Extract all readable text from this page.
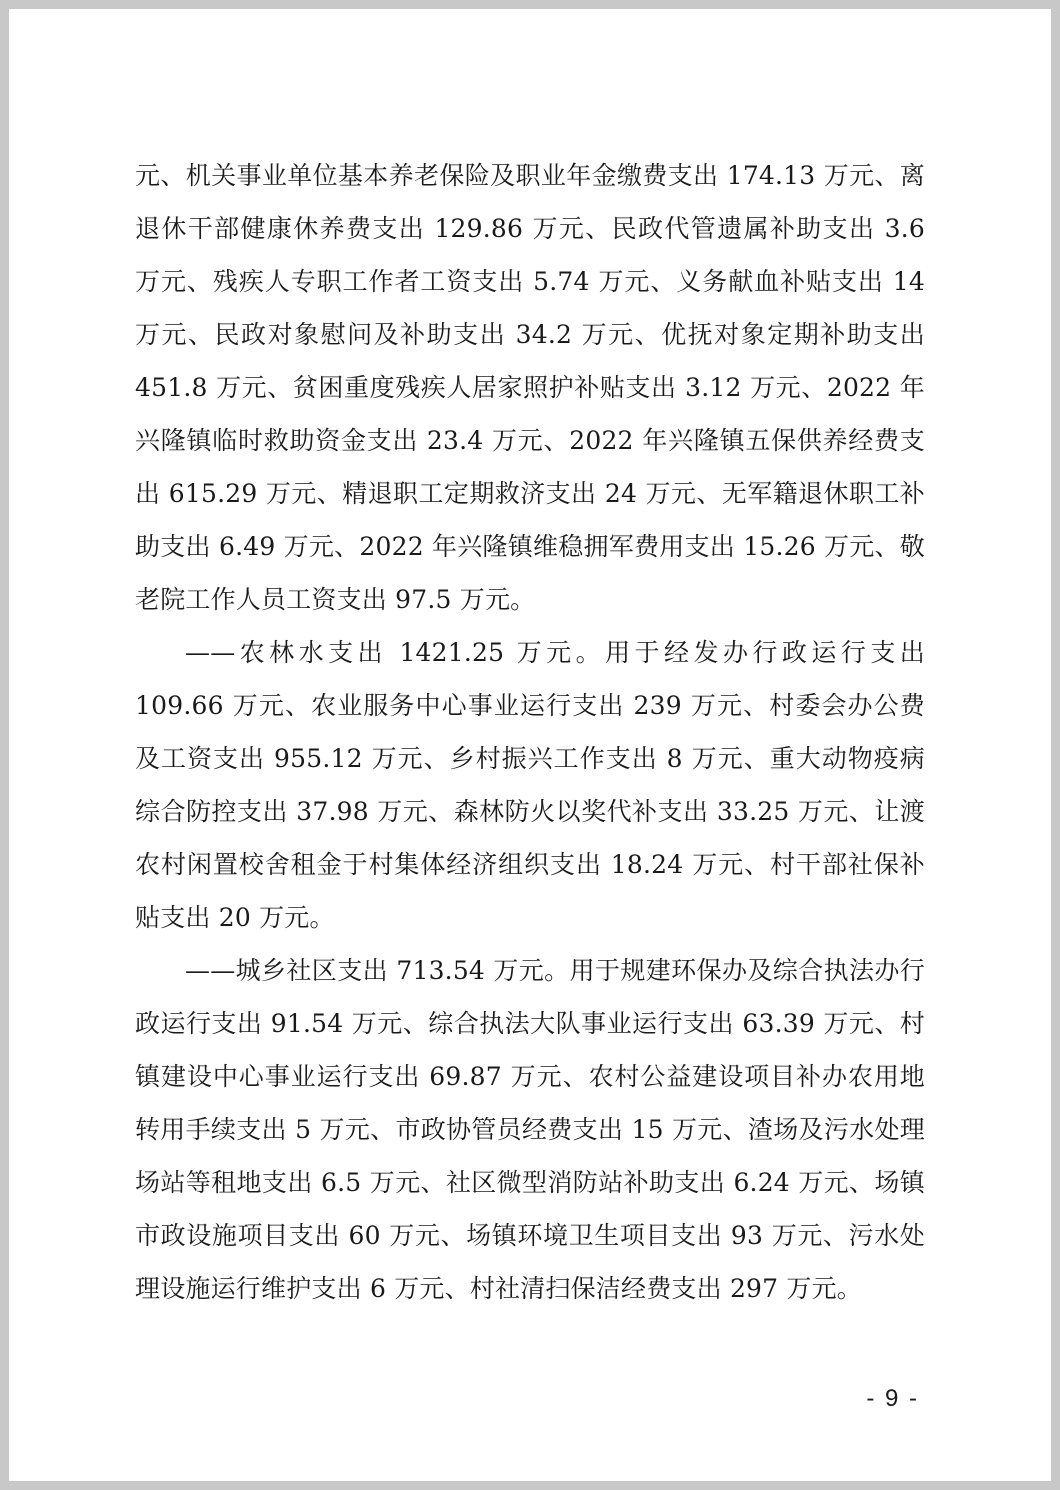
元、机关事业单位基本养老保险及职业年金缴费支出 174.13 万元、离退休干部健康休养费支出 129.86 万元、民政代管遗属补助支出 3.6 万元、残疾人专职工作者工资支出 5.74 万元、义务献血补贴支出 14 万元、民政对象慰问及补助支出 34.2 万元、优抚对象定期补助支出 451.8 万元、贫困重度残疾人居家照护补贴支出 3.12 万元、2022 年兴隆镇临时救助资金支出 23.4 万元、2022 年兴隆镇五保供养经费支出 615.29 万元、精退职工定期救济支出 24 万元、无军籍退休职工补助支出 6.49 万元、2022 年兴隆镇维稳拥军费用支出 15.26 万元、敬老院工作人员工资支出 97.5 万元。

——农林水支出 1421.25 万元。用于经发办行政运行支出 109.66 万元、农业服务中心事业运行支出 239 万元、村委会办公费及工资支出 955.12 万元、乡村振兴工作支出 8 万元、重大动物疫病综合防控支出 37.98 万元、森林防火以奖代补支出 33.25 万元、让渡农村闲置校舍租金于村集体经济组织支出 18.24 万元、村干部社保补贴支出 20 万元。

——城乡社区支出 713.54 万元。用于规建环保办及综合执法办行政运行支出 91.54 万元、综合执法大队事业运行支出 63.39 万元、村镇建设中心事业运行支出 69.87 万元、农村公益建设项目补办农用地转用手续支出 5 万元、市政协管员经费支出 15 万元、渣场及污水处理场站等租地支出 6.5 万元、社区微型消防站补助支出 6.24 万元、场镇市政设施项目支出 60 万元、场镇环境卫生项目支出 93 万元、污水处理设施运行维护支出 6 万元、村社清扫保洁经费支出 297 万元。

- 9 -
